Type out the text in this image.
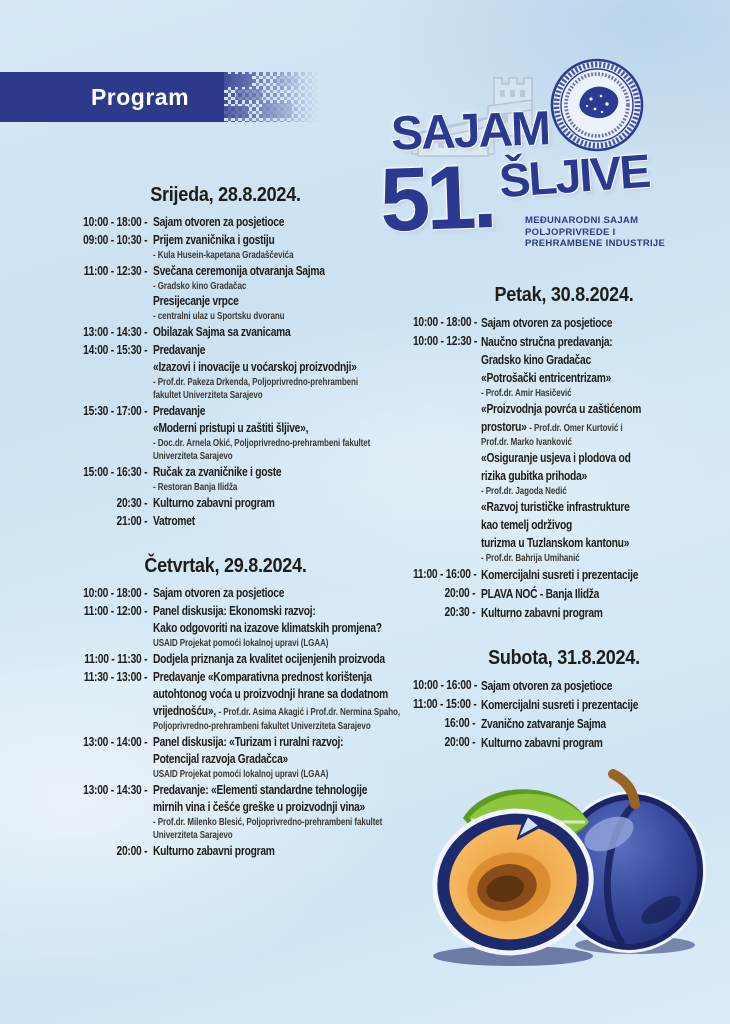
Program
SAJAM
51. ŠLJIVE
MEĐUNARODNI SAJAM
POLJOPRIVREDE I
PREHRAMBENE INDUSTRIJE
Srijeda, 28.8.2024.
10:00 - 18:00 - Sajam otvoren za posjetioce
09:00 - 10:30 - Prijem zvaničnika i gostiju
- Kula Husein-kapetana Gradaščevića
11:00 - 12:30 - Svečana ceremonija otvaranja Sajma
- Gradsko kino Gradačac
Presijecanje vrpce
- centralni ulaz u Sportsku dvoranu
13:00 - 14:30 - Obilazak Sajma sa zvanicama
14:00 - 15:30 - Predavanje
«Izazovi i inovacije u voćarskoj proizvodnji»
- Prof.dr. Pakeza Drkenda, Poljoprivredno-prehrambeni
fakultet Univerziteta Sarajevo
15:30 - 17:00 - Predavanje
«Moderni pristupi u zaštiti šljive»,
- Doc.dr. Arnela Okić, Poljoprivredno-prehrambeni fakultet
Univerziteta Sarajevo
15:00 - 16:30 - Ručak za zvaničnike i goste
- Restoran Banja Ilidža
20:30 - Kulturno zabavni program
21:00 - Vatromet
Četvrtak, 29.8.2024.
10:00 - 18:00 - Sajam otvoren za posjetioce
11:00 - 12:00 - Panel diskusija: Ekonomski razvoj:
Kako odgovoriti na izazove klimatskih promjena?
USAID Projekat pomoći lokalnoj upravi (LGAA)
11:00 - 11:30 - Dodjela priznanja za kvalitet ocijenjenih proizvoda
11:30 - 13:00 - Predavanje «Komparativna prednost korištenja
autohtonog voća u proizvodnji hrane sa dodatnom
vrijednošću», - Prof.dr. Asima Akagić i Prof.dr. Nermina Spaho,
Poljoprivredno-prehrambeni fakultet Univerziteta Sarajevo
13:00 - 14:00 - Panel diskusija: «Turizam i ruralni razvoj:
Potencijal razvoja Gradačca»
USAID Projekat pomoći lokalnoj upravi (LGAA)
13:00 - 14:30 - Predavanje: «Elementi standardne tehnologije
mirnih vina i češće greške u proizvodnji vina»
- Prof.dr. Milenko Blesić, Poljoprivredno-prehrambeni fakultet
Univerziteta Sarajevo
20:00 - Kulturno zabavni program
Petak, 30.8.2024.
10:00 - 18:00 - Sajam otvoren za posjetioce
10:00 - 12:30 - Naučno stručna predavanja:
Gradsko kino Gradačac
«Potrošački entricentrizam»
- Prof.dr. Amir Hasičević
«Proizvodnja povrća u zaštićenom
prostoru» - Prof.dr. Omer Kurtović i
Prof.dr. Marko Ivanković
«Osiguranje usjeva i plodova od
rizika gubitka prihoda»
- Prof.dr. Jagoda Nedić
«Razvoj turističke infrastrukture
kao temelj održivog
turizma u Tuzlanskom kantonu»
- Prof.dr. Bahrija Umihanić
11:00 - 16:00 - Komercijalni susreti i prezentacije
20:00 - PLAVA NOĆ - Banja Ilidža
20:30 - Kulturno zabavni program
Subota, 31.8.2024.
10:00 - 16:00 - Sajam otvoren za posjetioce
11:00 - 15:00 - Komercijalni susreti i prezentacije
16:00 - Zvanično zatvaranje Sajma
20:00 - Kulturno zabavni program
